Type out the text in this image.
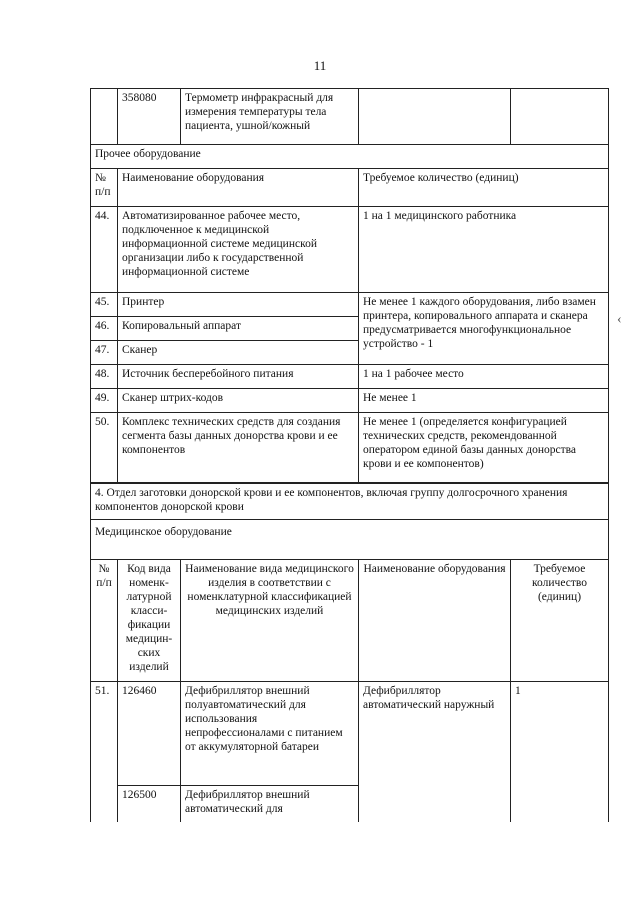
11
	358080	Термометр инфракрасный для измерения температуры тела пациента, ушной/кожный		
Прочее оборудование				
№ п/п	Наименование оборудования		Требуемое количество (единиц)	
44.	Автоматизированное рабочее место, подключенное к медицинской информационной системе медицинской организации либо к государственной информационной системе		1 на 1 медицинского работника	
45.	Принтер		Не менее 1 каждого оборудования, либо взамен принтера, копировального аппарата и сканера предусматривается многофункциональное устройство - 1	
46.	Копировальный аппарат			
47.	Сканер			
48.	Источник бесперебойного питания		1 на 1 рабочее место	
49.	Сканер штрих-кодов		Не менее 1	
50.	Комплекс технических средств для создания сегмента базы данных донорства крови и ее компонентов		Не менее 1 (определяется конфигурацией технических средств, рекомендованной оператором единой базы данных донорства крови и ее компонентов)	
4. Отдел заготовки донорской крови и ее компонентов, включая группу долгосрочного хранения компонентов донорской крови				
Медицинское оборудование				
№ п/п	Код вида номенк-латурной класси-фикации медицин-ских изделий	Наименование вида медицинского изделия в соответствии с номенклатурной классификацией медицинских изделий	Наименование оборудования	Требуемое количество (единиц)
51.	126460	Дефибриллятор внешний полуавтоматический для использования непрофессионалами с питанием от аккумуляторной батареи	Дефибриллятор автоматический наружный	1
	126500	Дефибриллятор внешний автоматический для		
‹
